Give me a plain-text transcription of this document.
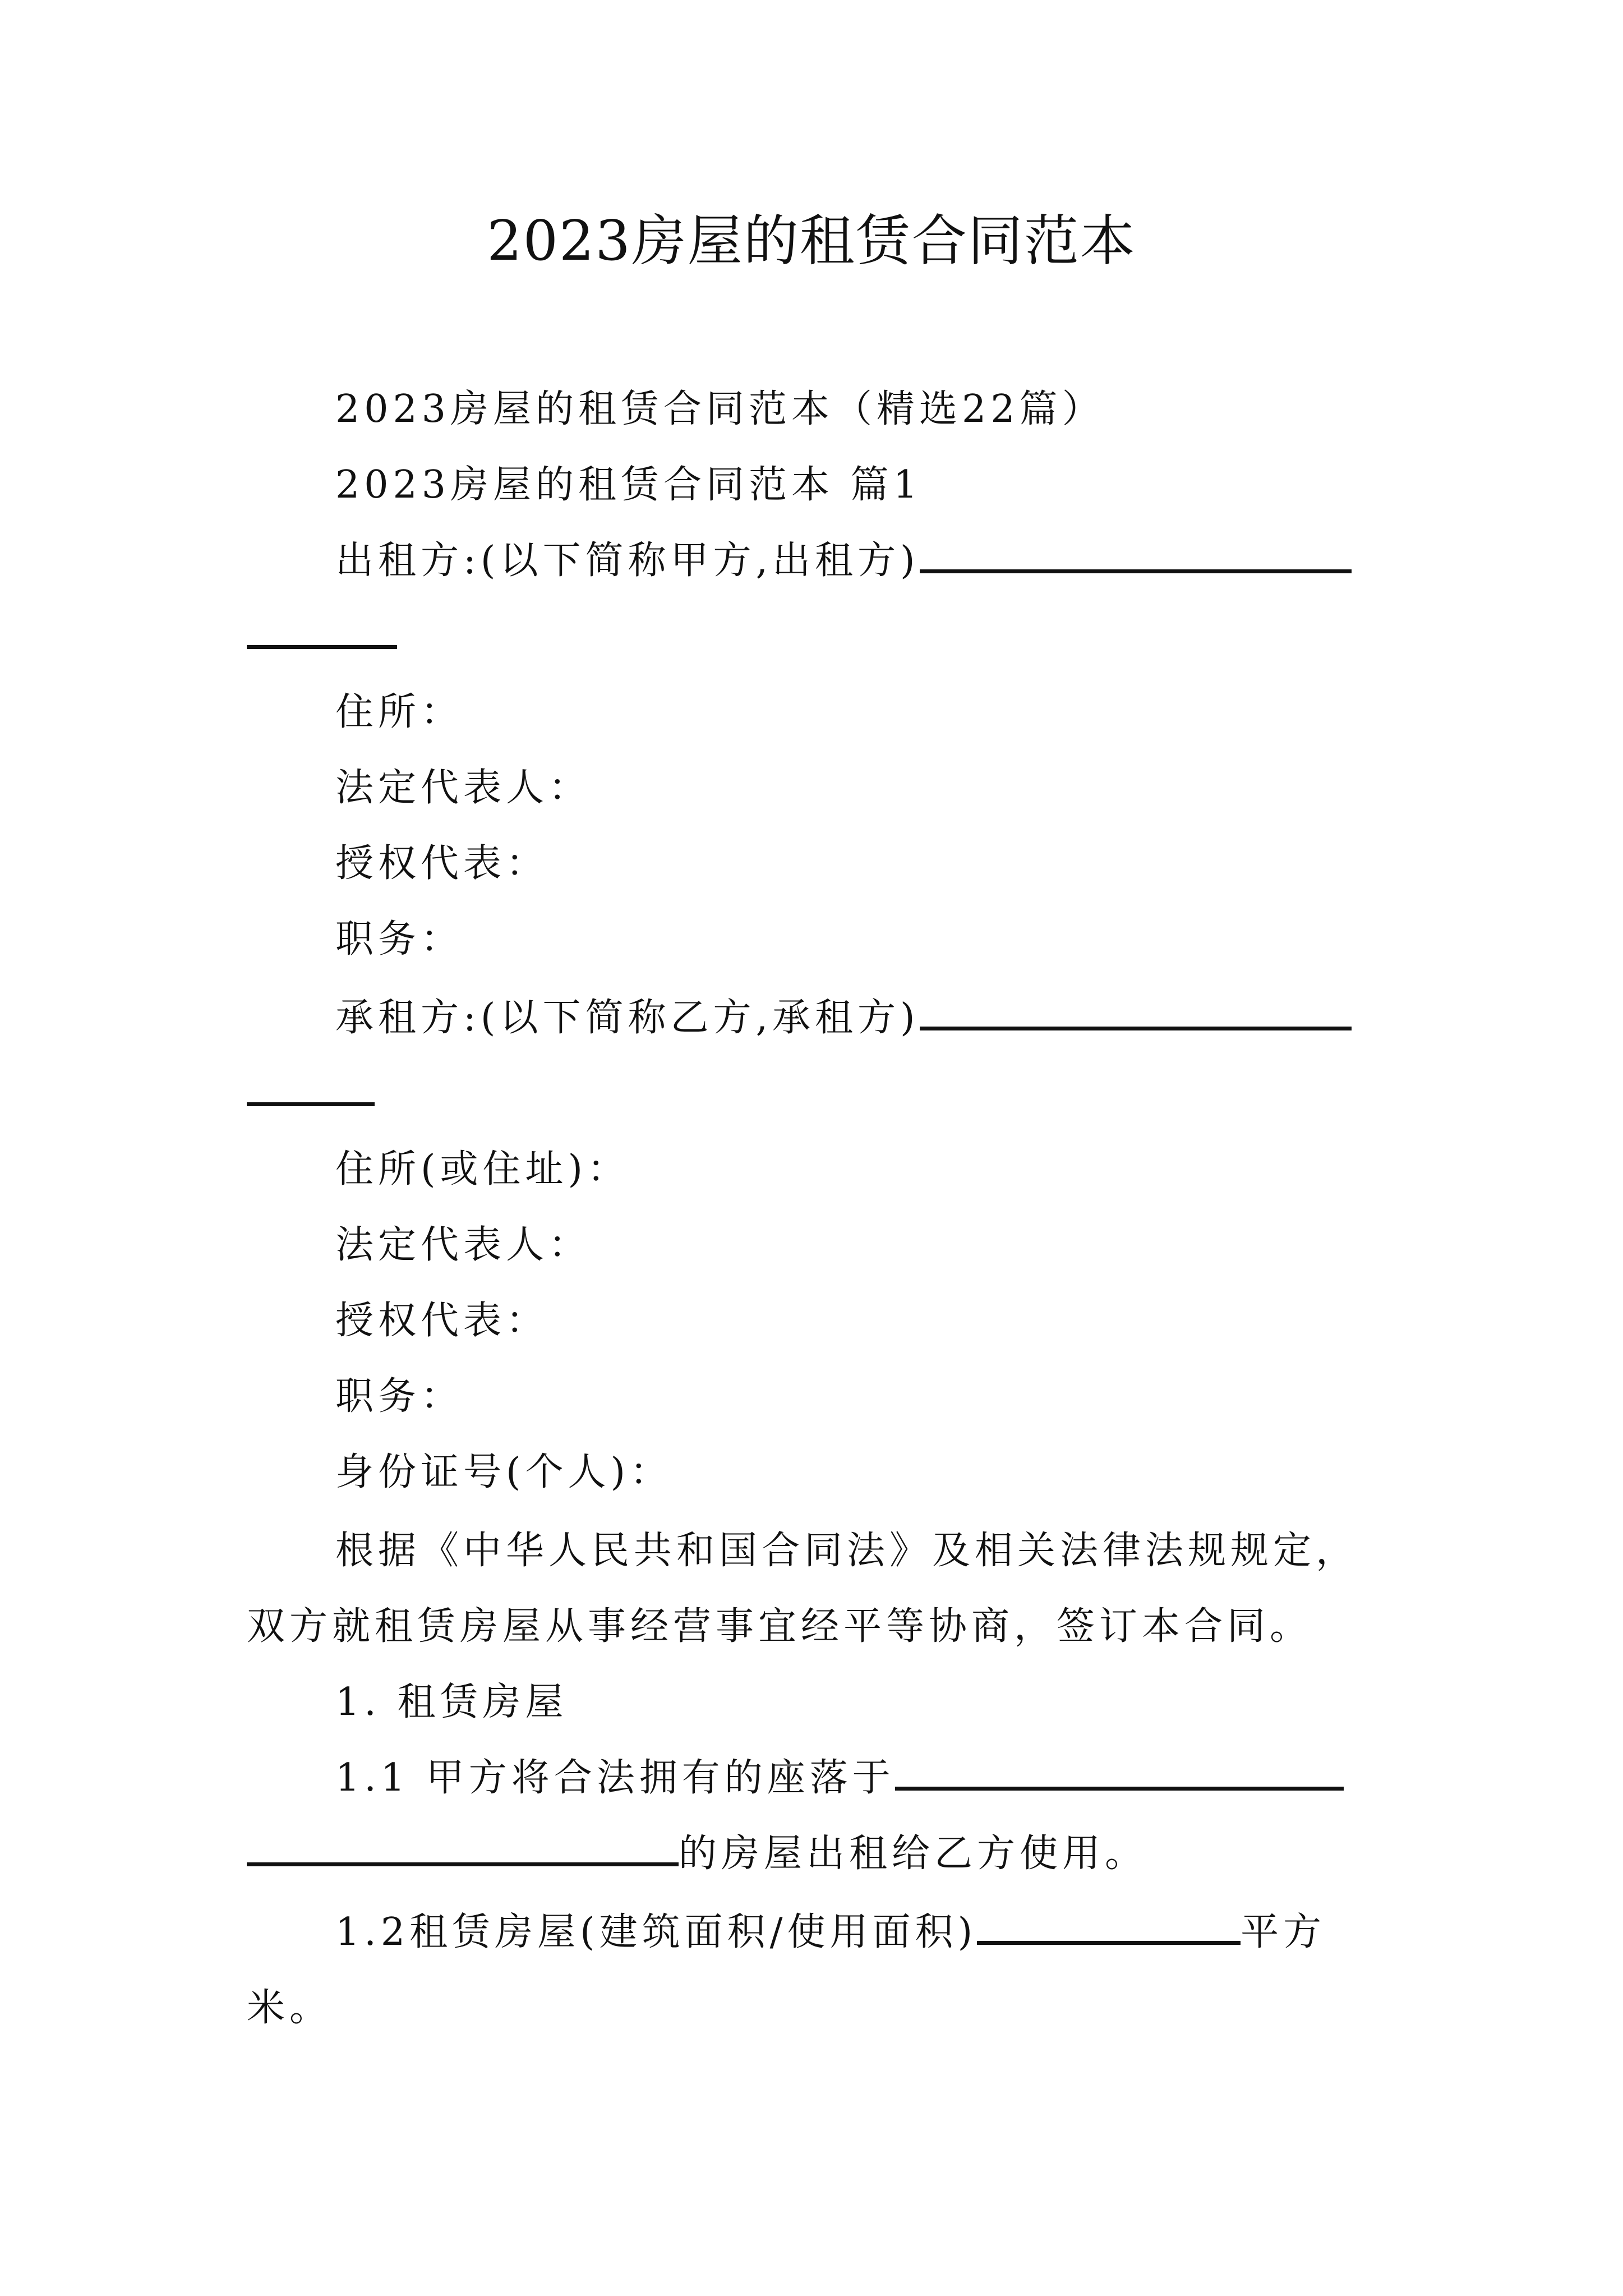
2023房屋的租赁合同范本

2023房屋的租赁合同范本（精选22篇）

2023房屋的租赁合同范本 篇1

出租方:(以下简称甲方,出租方)

住所：

法定代表人：

授权代表：

职务：

承租方:(以下简称乙方,承租方)

住所(或住址)：

法定代表人：

授权代表：

职务：

身份证号(个人)：

根据《中华人民共和国合同法》及相关法律法规规定，

双方就租赁房屋从事经营事宜经平等协商，签订本合同。

1. 租赁房屋

1.1 甲方将合法拥有的座落于

的房屋出租给乙方使用。

1.2租赁房屋(建筑面积/使用面积)	平方

米。
